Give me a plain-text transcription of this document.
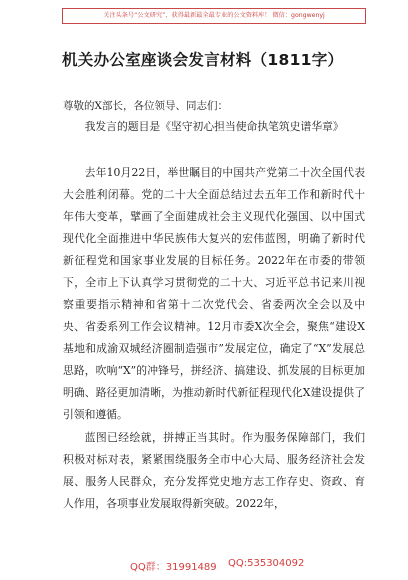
关注头条号“公文研究”，获得最新最全最专业的公文资料库！ 微信：gongwenyj
机关办公室座谈会发言材料（1811字）
尊敬的X部长，各位领导、同志们：

我发言的题目是《坚守初心担当使命执笔筑史谱华章》

去年10月22日，举世瞩目的中国共产党第二十次全国代表大会胜利闭幕。党的二十大全面总结过去五年工作和新时代十年伟大变革，擘画了全面建成社会主义现代化强国、以中国式现代化全面推进中华民族伟大复兴的宏伟蓝图，明确了新时代新征程党和国家事业发展的目标任务。2022年在市委的带领下，全市上下认真学习贯彻党的二十大、习近平总书记来川视察重要指示精神和省第十二次党代会、省委两次全会以及中央、省委系列工作会议精神。12月市委X次全会，聚焦“建设X基地和成渝双城经济圈制造强市”发展定位，确定了“X”发展总思路，吹响“X”的冲锋号，拼经济、搞建设、抓发展的目标更加明确、路径更加清晰，为推动新时代新征程现代化X建设提供了引领和遵循。

蓝图已经绘就，拼搏正当其时。作为服务保障部门，我们积极对标对表，紧紧围绕服务全市中心大局、服务经济社会发展、服务人民群众，充分发挥党史地方志工作存史、资政、育人作用，各项事业发展取得新突破。2022年，

QQ群：31991489 QQ:535304092
